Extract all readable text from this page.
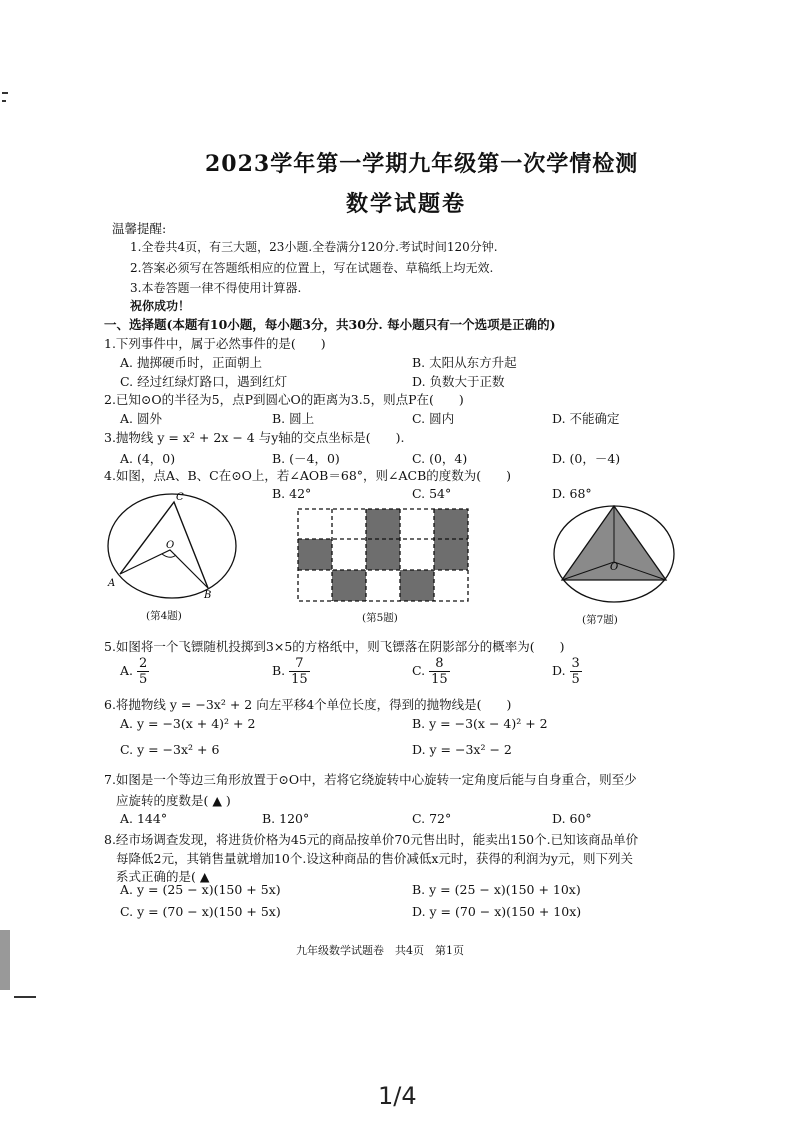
2023学年第一学期九年级第一次学情检测
数学试题卷
温馨提醒:
1.全卷共4页，有三大题，23小题.全卷满分120分.考试时间120分钟.
2.答案必须写在答题纸相应的位置上，写在试题卷、草稿纸上均无效.
3.本卷答题一律不得使用计算器.
祝你成功！
一、选择题(本题有10小题，每小题3分，共30分. 每小题只有一个选项是正确的)
1.下列事件中，属于必然事件的是(　　)
A. 抛掷硬币时，正面朝上	B. 太阳从东方升起
C. 经过红绿灯路口，遇到红灯	D. 负数大于正数
2.已知⊙O的半径为5，点P到圆心O的距离为3.5，则点P在(　　)
A. 圆外	B. 圆上	C. 圆内	D. 不能确定
3.抛物线 y = x² + 2x − 4 与y轴的交点坐标是(　　).
A. (4，0)	B. (－4，0)	C. (0，4)	D. (0，－4)
4.如图，点A、B、C在⊙O上，若∠AOB＝68°，则∠ACB的度数为(　　)
B. 42°	C. 54°	D. 68°
C
O
A
B
(第4题)	(第5题)
O
(第7题)
5.如图将一个飞镖随机投掷到3×5的方格纸中，则飞镖落在阴影部分的概率为(　　)
A. $\frac{2}{5}$	B. $\frac{7}{15}$	C. $\frac{8}{15}$	D. $\frac{3}{5}$
6.将抛物线 y = −3x² + 2 向左平移4个单位长度，得到的抛物线是(　　)
A. y = −3(x + 4)² + 2	B. y = −3(x − 4)² + 2
C. y = −3x² + 6	D. y = −3x² − 2
7.如图是一个等边三角形放置于⊙O中，若将它绕旋转中心旋转一定角度后能与自身重合，则至少
应旋转的度数是( ▲ )
A. 144°	B. 120°	C. 72°	D. 60°
8.经市场调查发现，将进货价格为45元的商品按单价70元售出时，能卖出150个.已知该商品单价
每降低2元，其销售量就增加10个.设这种商品的售价减低x元时，获得的利润为y元，则下列关
系式正确的是( ▲
A. y = (25 − x)(150 + 5x)	B. y = (25 − x)(150 + 10x)
C. y = (70 − x)(150 + 5x)	D. y = (70 − x)(150 + 10x)
九年级数学试题卷　共4页　第1页
1/4
